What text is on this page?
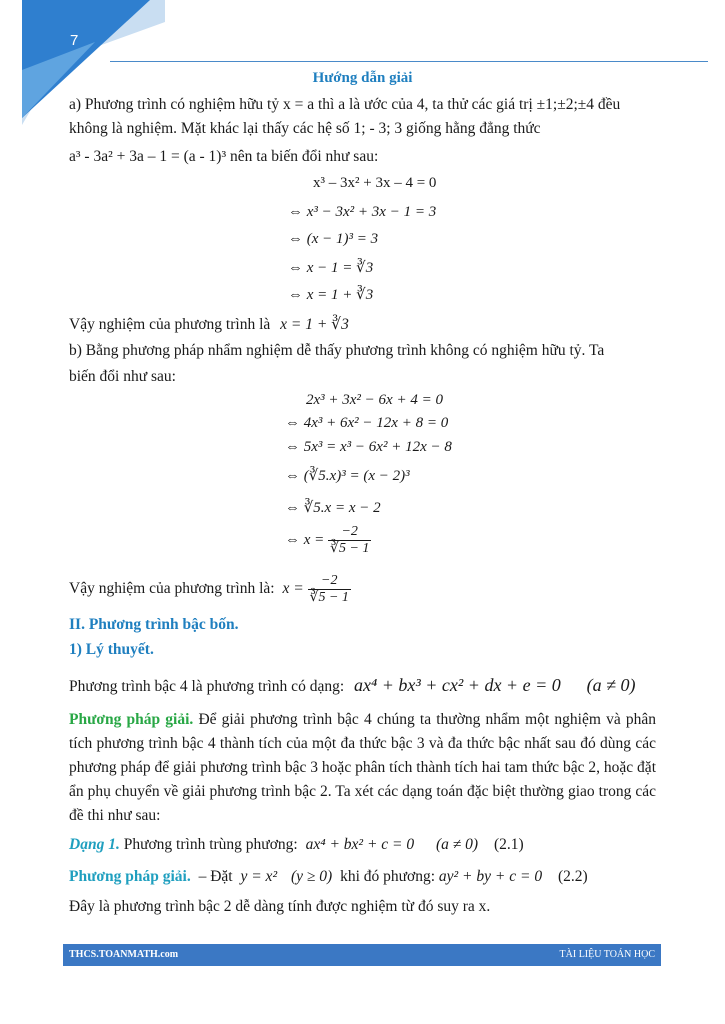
7
Hướng dẫn giải
a) Phương trình có nghiệm hữu tỷ x = a thì a là ước của 4, ta thử các giá trị ±1;±2;±4 đều
không là nghiệm. Mặt khác lại thấy các hệ số 1; - 3; 3 giống hằng đẳng thức
a³ - 3a² + 3a – 1 = (a - 1)³ nên ta biến đổi như sau:
x³ – 3x² + 3x – 4 = 0
⇔ x³ − 3x² + 3x − 1 = 3
⇔ (x − 1)³ = 3
⇔ x − 1 = ∛3
⇔ x = 1 + ∛3
Vậy nghiệm của phương trình là x = 1 + ∛3
b) Bằng phương pháp nhẩm nghiệm dễ thấy phương trình không có nghiệm hữu tỷ. Ta
biến đổi như sau:
2x³ + 3x² − 6x + 4 = 0
⇔ 4x³ + 6x² − 12x + 8 = 0
⇔ 5x³ = x³ − 6x² + 12x − 8
⇔ (∛5.x)³ = (x − 2)³
⇔ ∛5.x = x − 2
⇔ $x = \frac{-2}{∛5 - 1}$
Vậy nghiệm của phương trình là: $x = \frac{-2}{∛5 - 1}$
II. Phương trình bậc bốn.
1) Lý thuyết.
Phương trình bậc 4 là phương trình có dạng: ax⁴ + bx³ + cx² + dx + e = 0 (a ≠ 0)
Phương pháp giải. Để giải phương trình bậc 4 chúng ta thường nhẩm một nghiệm và phân tích phương trình bậc 4 thành tích của một đa thức bậc 3 và đa thức bậc nhất sau đó dùng các phương pháp để giải phương trình bậc 3 hoặc phân tích thành tích hai tam thức bậc 2, hoặc đặt ẩn phụ chuyển về giải phương trình bậc 2. Ta xét các dạng toán đặc biệt thường giao trong các đề thi như sau:
Dạng 1. Phương trình trùng phương: ax⁴ + bx² + c = 0 (a ≠ 0) (2.1)
Phương pháp giải. – Đặt y = x² (y ≥ 0) khi đó phương: ay² + by + c = 0 (2.2)
Đây là phương trình bậc 2 dễ dàng tính được nghiệm từ đó suy ra x.
THCS.TOANMATH.com	TÀI LIỆU TOÁN HỌC
